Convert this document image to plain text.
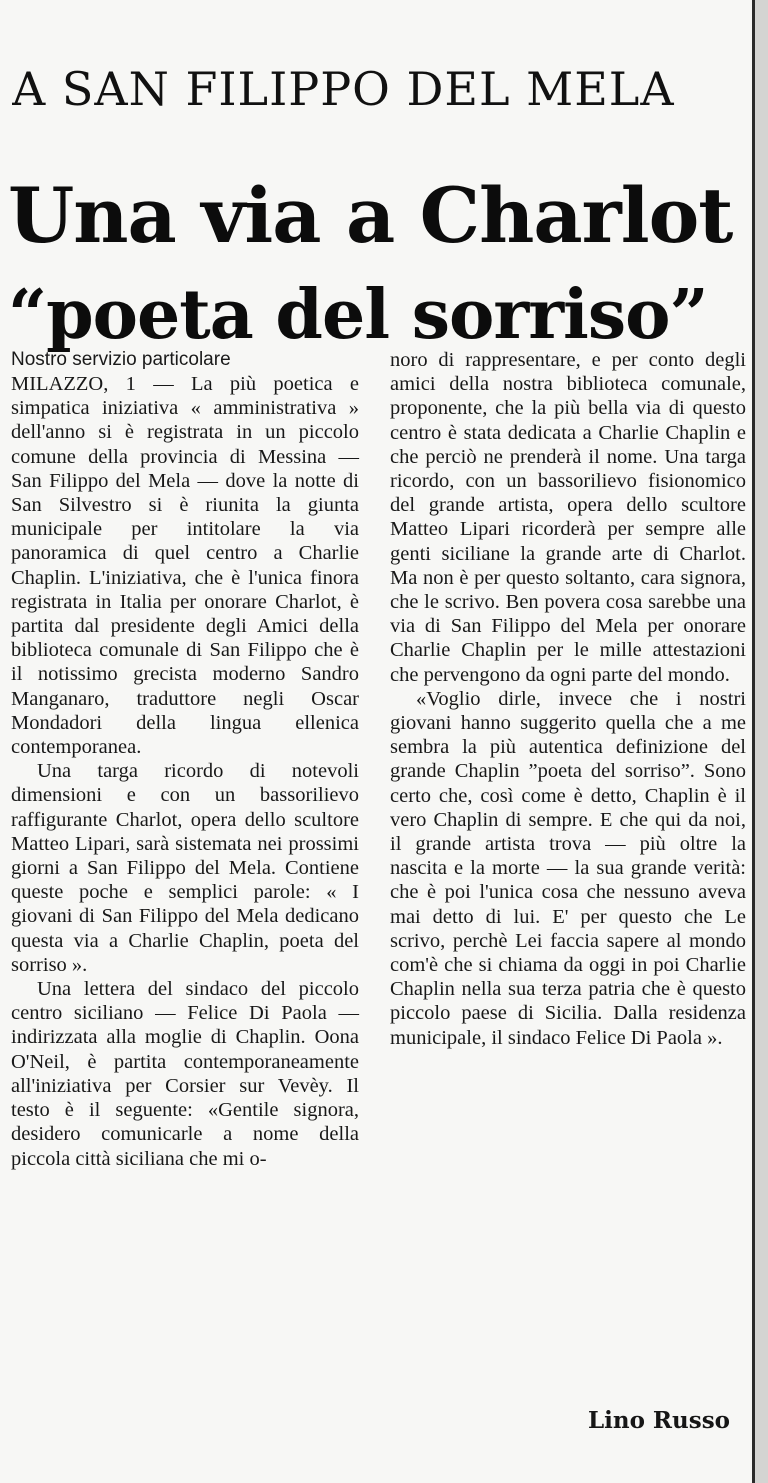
A SAN FILIPPO DEL MELA
Una via a Charlot
“poeta del sorriso”
Nostro servizio particolare

MILAZZO, 1 — La più poetica e simpatica iniziativa « amministrativa » dell'anno si è registrata in un piccolo comune della provincia di Messina — San Filippo del Mela — dove la notte di San Silvestro si è riunita la giunta municipale per intitolare la via panoramica di quel centro a Charlie Chaplin. L'iniziativa, che è l'unica finora registrata in Italia per onorare Charlot, è partita dal presidente degli Amici della biblioteca comunale di San Filippo che è il notissimo grecista moderno Sandro Manganaro, traduttore negli Oscar Mondadori della lingua ellenica contemporanea.

Una targa ricordo di notevoli dimensioni e con un bassorilievo raffigurante Charlot, opera dello scultore Matteo Lipari, sarà sistemata nei prossimi giorni a San Filippo del Mela. Contiene queste poche e semplici parole: « I giovani di San Filippo del Mela dedicano questa via a Charlie Chaplin, poeta del sorriso ».

Una lettera del sindaco del piccolo centro siciliano — Felice Di Paola — indirizzata alla moglie di Chaplin. Oona O'Neil, è partita contemporaneamente all'iniziativa per Corsier sur Vevèy. Il testo è il seguente: «Gentile signora, desidero comunicarle a nome della piccola città siciliana che mi o-

noro di rappresentare, e per conto degli amici della nostra biblioteca comunale, proponente, che la più bella via di questo centro è stata dedicata a Charlie Chaplin e che perciò ne prenderà il nome. Una targa ricordo, con un bassorilievo fisionomico del grande artista, opera dello scultore Matteo Lipari ricorderà per sempre alle genti siciliane la grande arte di Charlot. Ma non è per questo soltanto, cara signora, che le scrivo. Ben povera cosa sarebbe una via di San Filippo del Mela per onorare Charlie Chaplin per le mille attestazioni che pervengono da ogni parte del mondo.

«Voglio dirle, invece che i nostri giovani hanno suggerito quella che a me sembra la più autentica definizione del grande Chaplin ”poeta del sorriso”. Sono certo che, così come è detto, Chaplin è il vero Chaplin di sempre. E che qui da noi, il grande artista trova — più oltre la nascita e la morte — la sua grande verità: che è poi l'unica cosa che nessuno aveva mai detto di lui. E' per questo che Le scrivo, perchè Lei faccia sapere al mondo com'è che si chiama da oggi in poi Charlie Chaplin nella sua terza patria che è questo piccolo paese di Sicilia. Dalla residenza municipale, il sindaco Felice Di Paola ».

Lino Russo
